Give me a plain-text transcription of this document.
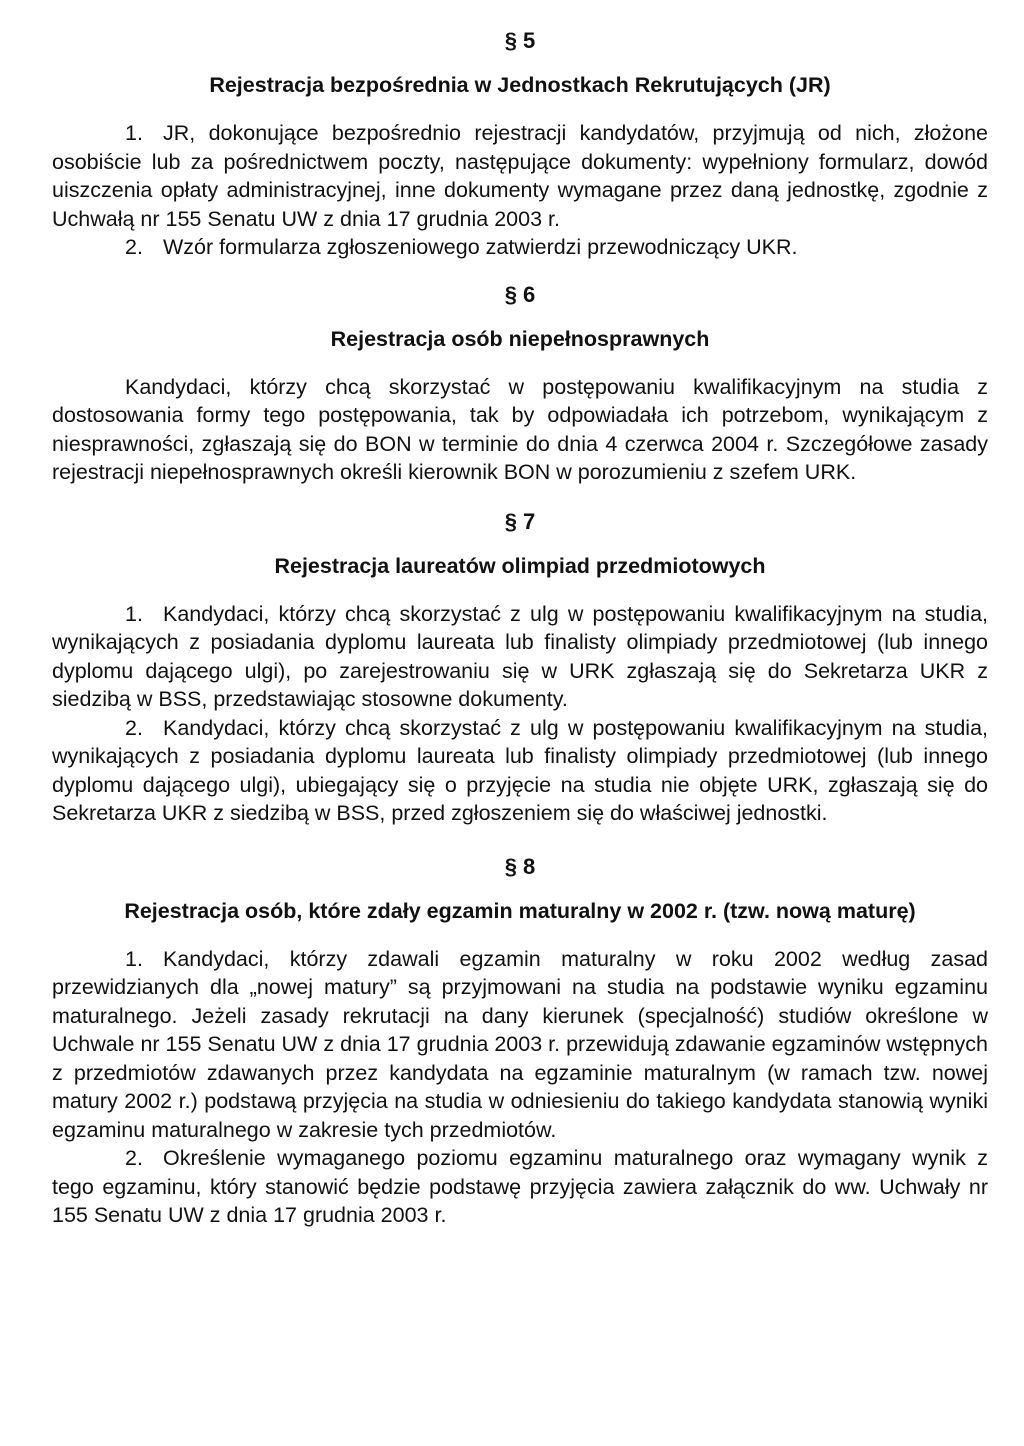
§ 5
Rejestracja bezpośrednia w Jednostkach Rekrutujących (JR)

1. JR, dokonujące bezpośrednio rejestracji kandydatów, przyjmują od nich, złożone osobiście lub za pośrednictwem poczty, następujące dokumenty: wypełniony formularz, dowód uiszczenia opłaty administracyjnej, inne dokumenty wymagane przez daną jednostkę, zgodnie z Uchwałą nr 155 Senatu UW z dnia 17 grudnia 2003 r.

2. Wzór formularza zgłoszeniowego zatwierdzi przewodniczący UKR.

§ 6
Rejestracja osób niepełnosprawnych

Kandydaci, którzy chcą skorzystać w postępowaniu kwalifikacyjnym na studia z dostosowania formy tego postępowania, tak by odpowiadała ich potrzebom, wynikającym z niesprawności, zgłaszają się do BON w terminie do dnia 4 czerwca 2004 r. Szczegółowe zasady rejestracji niepełnosprawnych określi kierownik BON w porozumieniu z szefem URK.

§ 7
Rejestracja laureatów olimpiad przedmiotowych

1. Kandydaci, którzy chcą skorzystać z ulg w postępowaniu kwalifikacyjnym na studia, wynikających z posiadania dyplomu laureata lub finalisty olimpiady przedmiotowej (lub innego dyplomu dającego ulgi), po zarejestrowaniu się w URK zgłaszają się do Sekretarza UKR z siedzibą w BSS, przedstawiając stosowne dokumenty.

2. Kandydaci, którzy chcą skorzystać z ulg w postępowaniu kwalifikacyjnym na studia, wynikających z posiadania dyplomu laureata lub finalisty olimpiady przedmiotowej (lub innego dyplomu dającego ulgi), ubiegający się o przyjęcie na studia nie objęte URK, zgłaszają się do Sekretarza UKR z siedzibą w BSS, przed zgłoszeniem się do właściwej jednostki.

§ 8
Rejestracja osób, które zdały egzamin maturalny w 2002 r. (tzw. nową maturę)

1. Kandydaci, którzy zdawali egzamin maturalny w roku 2002 według zasad przewidzianych dla „nowej matury” są przyjmowani na studia na podstawie wyniku egzaminu maturalnego. Jeżeli zasady rekrutacji na dany kierunek (specjalność) studiów określone w Uchwale nr 155 Senatu UW z dnia 17 grudnia 2003 r. przewidują zdawanie egzaminów wstępnych z przedmiotów zdawanych przez kandydata na egzaminie maturalnym (w ramach tzw. nowej matury 2002 r.) podstawą przyjęcia na studia w odniesieniu do takiego kandydata stanowią wyniki egzaminu maturalnego w zakresie tych przedmiotów.

2. Określenie wymaganego poziomu egzaminu maturalnego oraz wymagany wynik z tego egzaminu, który stanowić będzie podstawę przyjęcia zawiera załącznik do ww. Uchwały nr 155 Senatu UW z dnia 17 grudnia 2003 r.
